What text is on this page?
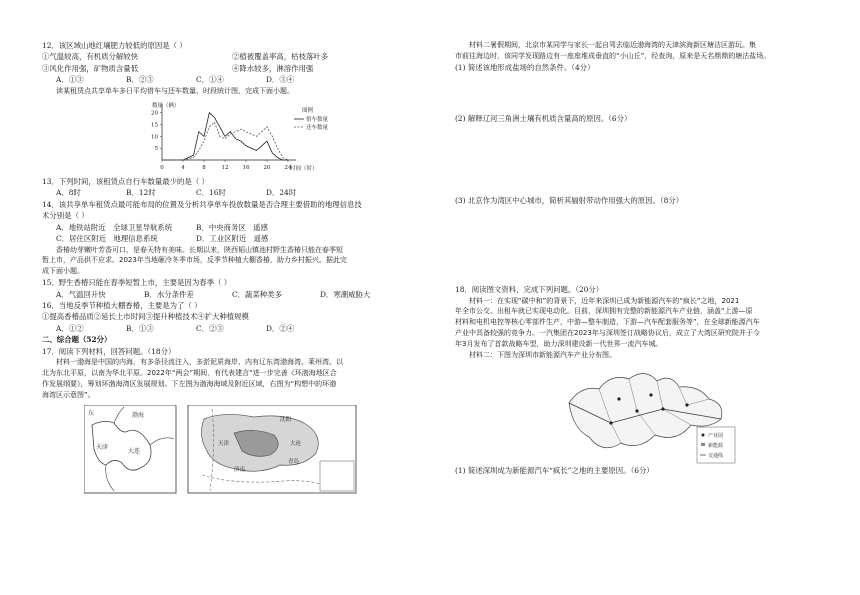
12．该区域山地红壤肥力较低的原因是（ ）
①气温较高，有机质分解较快	②植被覆盖率高，枯枝落叶多
③风化作用强，矿物质含量低	④降水较多，淋溶作用强
A．①③	B．②③	C．①④	D．③④
读某租赁点共享单车多日平均借车与还车数量、时段统计图，完成下面小题。
数量（辆）
时间（时）
5
10
15
20
0	4	8	12	16	20	24
图例
借车数量
还车数量
13．下列时间，该租赁点自行车数量最少的是（ ）
A．8时	B．12时	C．16时	D．24时
14．该共享单车租赁点最可能布局的位置及分析共享单车投放数量是否合理主要借助的地理信息技
术分别是（ ）
A．地铁站附近　全球卫星导航系统	B．中央商务区　遥感
C．居住区附近　地理信息系统	D．工业区附近　遥感
香椿幼芽嫩叶芳香可口，是春天特有美味。长期以来，陕西韬山镇池村野生香椿只能在春季短
暂上市，产品供不应求。2023年当地砸冷冬季市场，反季节种植大棚香椿，助力乡村振兴。据此完
成下面小题。
15．野生香椿只能在春季短暂上市，主要是因为春季（ ）
A．气温回升快	B．水分条件差	C．蔬菜种类多	D．寒潮威胁大
16．当地反季节种植大棚香椿，主要是为了（ ）
①提高香椿品质②延长上市时间③提升种植技术④扩大种植规模
A．①②	B．①③	C．②③	D．②④
二、综合题（52分）
17．阅读下列材料，回答问题。（18分）
材料一渤海是中国的内海，有多条径流注入，多淤泥质海岸，内有辽东湾渤海湾、莱州湾。以
北为东北平原，以南为华北平原。2022年“两会”期间，有代表建言“进一步完善《环渤海地区合
作发展纲要》，筹划环渤海湾区发展规划。下左图为渤海海域及附近区域，右图为“构想中的环渤
海湾区示意图”。
东	渤海
天津
大连
沈阳
大连
天津
济南
青岛
材料二暑假期间，北京市某同学与家长一起自驾去临近渤海湾的天津滨海新区塘沽区游玩。集
市前往海边时，该同学发现路边有一座座堆成垂直的“小山丘”，经查询，原来是天名鼎鼎的塘沽盐场。
(1) 简述该地形成盐场的自然条件。（4分）
(2) 解释辽河三角洲土壤有机质含量高的原因。（6分）
(3) 北京作为湾区中心城市，简析其辐射带动作用强大的原因。（8分）
18．阅读图文资料，完成下列问题。（20分）
材料一：在实现“碳中和”的背景下，近年来深圳已成为新能源汽车的“疯长”之地，2021
年全市公交、出租车就已实现电动化。目前，深圳拥有完整的新能源汽车产业链，涵盖“上游—原
材料和电机电控等核心零部件生产，中游—整车制造，下游—汽车配套服务等”，在全球新能源汽车
产业中具备较强的竞争力。一汽集团在2023年与深圳签订战略协议后，成立了大湾区研究院并于今
年3月发布了首款战略车型，助力深圳建设新一代世界一流汽车城。
材料二：下图为深圳市新能源汽车产业分布图。
产业园
新能源
交通线
(1) 简述深圳成为新能源汽车“疯长”之地的主要原因。（6分）
